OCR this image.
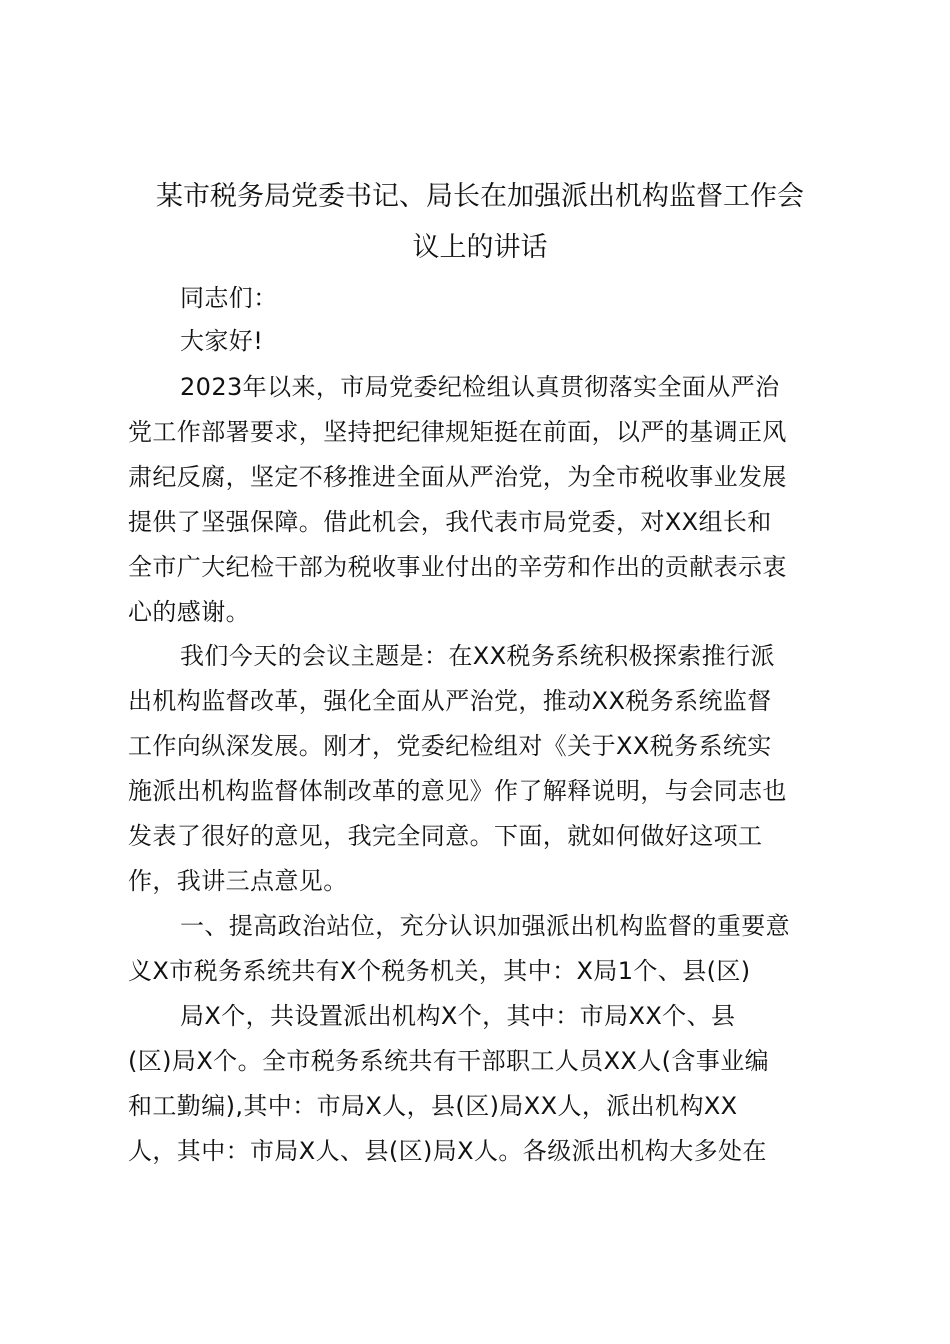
某市税务局党委书记、局长在加强派出机构监督工作会
议上的讲话

同志们：

大家好!

2023年以来，市局党委纪检组认真贯彻落实全面从严治

党工作部署要求，坚持把纪律规矩挺在前面，以严的基调正风

肃纪反腐，坚定不移推进全面从严治党，为全市税收事业发展

提供了坚强保障。借此机会，我代表市局党委，对XX组长和

全市广大纪检干部为税收事业付出的辛劳和作出的贡献表示衷

心的感谢。

我们今天的会议主题是：在XX税务系统积极探索推行派

出机构监督改革，强化全面从严治党，推动XX税务系统监督

工作向纵深发展。刚才，党委纪检组对《关于XX税务系统实

施派出机构监督体制改革的意见》作了解释说明，与会同志也

发表了很好的意见，我完全同意。下面，就如何做好这项工

作，我讲三点意见。

一、提高政治站位，充分认识加强派出机构监督的重要意

义X市税务系统共有X个税务机关，其中：X局1个、县(区)

局X个，共设置派出机构X个，其中：市局XX个、县

(区)局X个。全市税务系统共有干部职工人员XX人(含事业编

和工勤编),其中：市局X人，县(区)局XX人，派出机构XX

人，其中：市局X人、县(区)局X人。各级派出机构大多处在
